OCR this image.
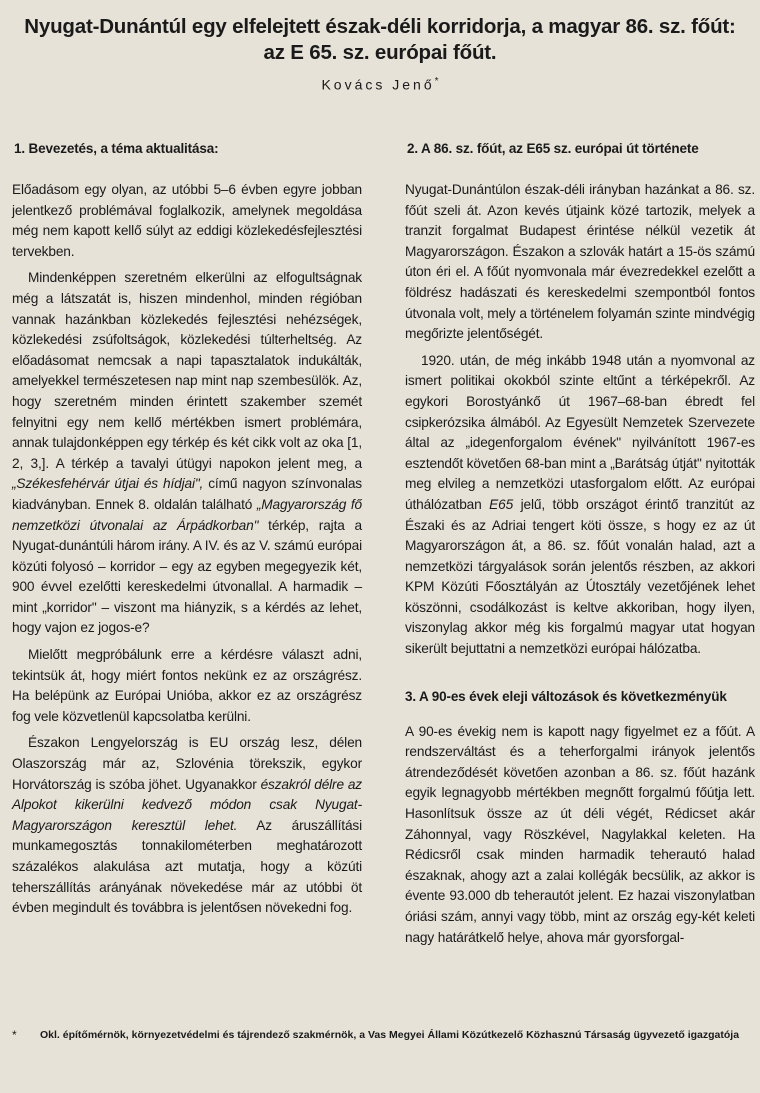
Nyugat-Dunántúl egy elfelejtett észak-déli korridorja, a magyar 86. sz. főút: az E 65. sz. európai főút.
Kovács Jenő*
1. Bevezetés, a téma aktualitása:

Előadásom egy olyan, az utóbbi 5–6 évben egyre jobban jelentkező problémával foglalkozik, amelynek megoldása még nem kapott kellő súlyt az eddigi közlekedésfejlesztési tervekben.

Mindenképpen szeretném elkerülni az elfogultságnak még a látszatát is, hiszen mindenhol, minden régióban vannak hazánkban közlekedés fejlesztési nehézségek, közlekedési zsúfoltságok, közlekedési túlterheltség. Az előadásomat nemcsak a napi tapasztalatok indukálták, amelyekkel természetesen nap mint nap szembesülök. Az, hogy szeretném minden érintett szakember szemét felnyitni egy nem kellő mértékben ismert problémára, annak tulajdonképpen egy térkép és két cikk volt az oka [1, 2, 3,]. A térkép a tavalyi útügyi napokon jelent meg, a „Székesfehérvár útjai és hídjai", című nagyon színvonalas kiadványban. Ennek 8. oldalán található „Magyarország fő nemzetközi útvonalai az Árpádkorban" térkép, rajta a Nyugat-dunántúli három irány. A IV. és az V. számú európai közúti folyosó – korridor – egy az egyben megegyezik két, 900 évvel ezelőtti kereskedelmi útvonallal. A harmadik – mint „korridor" – viszont ma hiányzik, s a kérdés az lehet, hogy vajon ez jogos-e?

Mielőtt megpróbálunk erre a kérdésre választ adni, tekintsük át, hogy miért fontos nekünk ez az országrész. Ha belépünk az Európai Unióba, akkor ez az országrész fog vele közvetlenül kapcsolatba kerülni.

Északon Lengyelország is EU ország lesz, délen Olaszország már az, Szlovénia törekszik, egykor Horvátország is szóba jöhet. Ugyanakkor északról délre az Alpokot kikerülni kedvező módon csak Nyugat-Magyarországon keresztül lehet. Az áruszállítási munkamegosztás tonnakilométerben meghatározott százalékos alakulása azt mutatja, hogy a közúti teherszállítás arányának növekedése már az utóbbi öt évben megindult és továbbra is jelentősen növekedni fog.

2. A 86. sz. főút, az E65 sz. európai út története

Nyugat-Dunántúlon észak-déli irányban hazánkat a 86. sz. főút szeli át. Azon kevés útjaink közé tartozik, melyek a tranzit forgalmat Budapest érintése nélkül vezetik át Magyarországon. Északon a szlovák határt a 15-ös számú úton éri el. A főút nyomvonala már évezredekkel ezelőtt a földrész hadászati és kereskedelmi szempontból fontos útvonala volt, mely a történelem folyamán szinte mindvégig megőrizte jelentőségét.

1920. után, de még inkább 1948 után a nyomvonal az ismert politikai okokból szinte eltűnt a térképekről. Az egykori Borostyánkő út 1967–68-ban ébredt fel csipkerózsika álmából. Az Egyesült Nemzetek Szervezete által az „idegenforgalom évének" nyilvánított 1967-es esztendőt követően 68-ban mint a „Barátság útját" nyitották meg elvileg a nemzetközi utasforgalom előtt. Az európai úthálózatban E65 jelű, több országot érintő tranzitút az Északi és az Adriai tengert köti össze, s hogy ez az út Magyarországon át, a 86. sz. főút vonalán halad, azt a nemzetközi tárgyalások során jelentős részben, az akkori KPM Közúti Főosztályán az Útosztály vezetőjének lehet köszönni, csodálkozást is keltve akkoriban, hogy ilyen, viszonylag akkor még kis forgalmú magyar utat hogyan sikerült bejuttatni a nemzetközi európai hálózatba.

3. A 90-es évek eleji változások és következményük

A 90-es évekig nem is kapott nagy figyelmet ez a főút. A rendszerváltást és a teherforgalmi irányok jelentős átrendeződését követően azonban a 86. sz. főút hazánk egyik legnagyobb mértékben megnőtt forgalmú főútja lett. Hasonlítsuk össze az út déli végét, Rédicset akár Záhonnyal, vagy Röszkével, Nagylakkal keleten. Ha Rédicsről csak minden harmadik teherautó halad északnak, ahogy azt a zalai kollégák becsülik, az akkor is évente 93.000 db teherautót jelent. Ez hazai viszonylatban óriási szám, annyi vagy több, mint az ország egy-két keleti nagy határátkelő helye, ahova már gyorsforgal-

* Okl. építőmérnök, környezetvédelmi és tájrendező szakmérnök, a Vas Megyei Állami Közútkezelő Közhasznú Társaság ügyvezető igazgatója
